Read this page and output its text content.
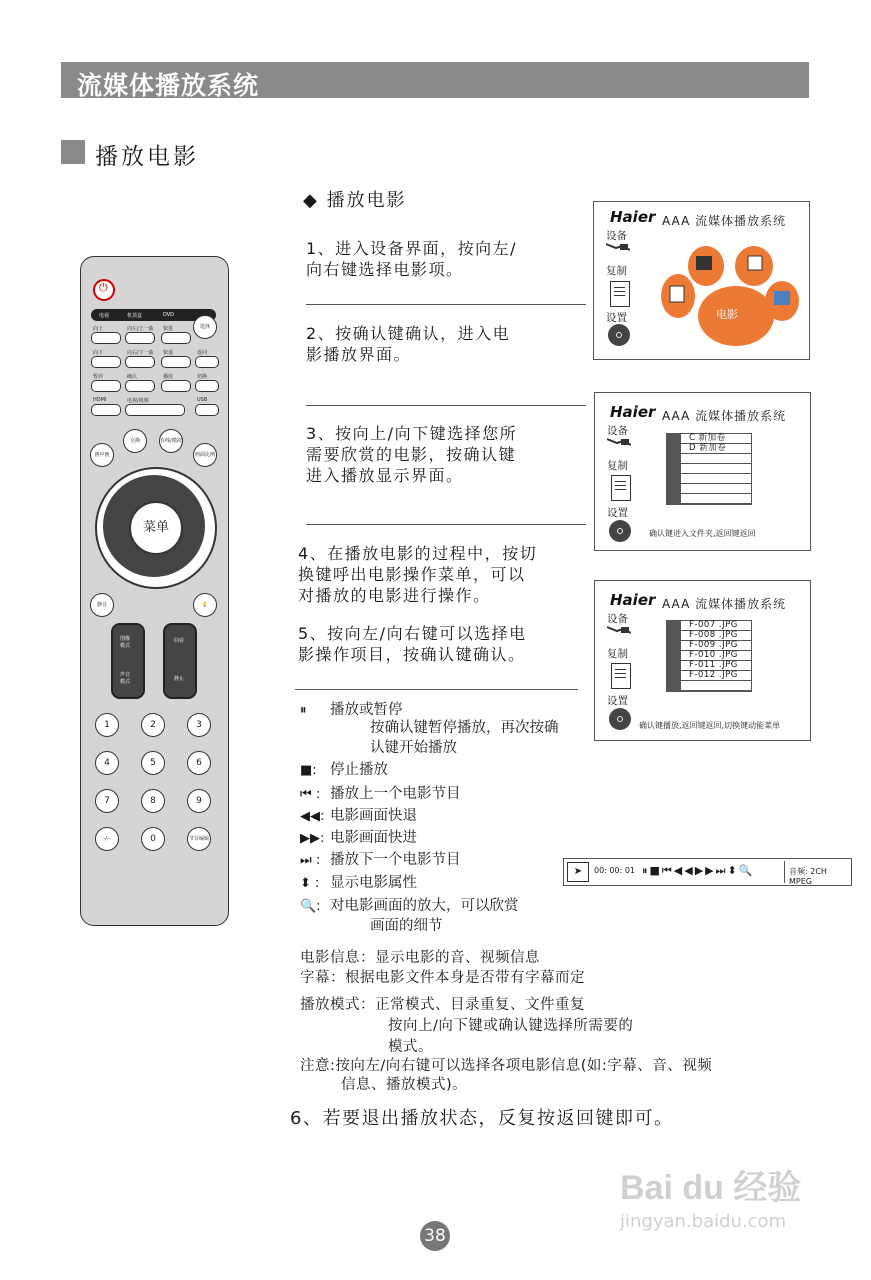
流媒体播放系统
播放电影
◆ 播放电影
1、进入设备界面，按向左/
向右键选择电影项。
2、按确认键确认，进入电
影播放界面。
3、按向上/向下键选择您所
需要欣赏的电影，按确认键
进入播放显示界面。
4、在播放电影的过程中，按切
换键呼出电影操作菜单，可以
对播放的电影进行操作。
5、按向左/向右键可以选择电
影操作项目，按确认键确认。
⏸ 播放或暂停
按确认键暂停播放，再次按确
认键开始播放
■: 停止播放
⏮ : 播放上一个电影节目
◀◀: 电影画面快退
▶▶: 电影画面快进
⏭ : 播放下一个电影节目
⬍ : 显示电影属性
🔍: 对电影画面的放大，可以欣赏
画面的细节
电影信息：显示电影的音、视频信息
字幕：根据电影文件本身是否带有字幕而定
播放模式：正常模式、目录重复、文件重复
按向上/向下键或确认键选择所需要的
模式。
注意:按向左/向右键可以选择各项电影信息(如:字幕、音、视频
信息、播放模式)。
6、若要退出播放状态，反复按返回键即可。
Haier AAA 流媒体播放系统
设备
复制
设置	电影
Haier AAA 流媒体播放系统
设备
复制
设置
C 新加卷
D 新加卷
确认键进入文件夹,返回键返回
Haier AAA 流媒体播放系统
设备
复制
设置
F-007 .JPG
F-008 .JPG
F-009 .JPG
F-010 .JPG
F-011 .JPG
F-012 .JPG
确认键播放,返回键返回,切换键动能菜单
➤	00: 00: 01 ⏸■⏮◀◀▶▶⏭⬍🔍	音频: 2CH MPEG
⏻
电视	机顶盒	DVD
选择
向上	向左/上一曲 快进
向下	向右/下一曲 快退	返回
暂停	确认	播放	切换
HDMI	电视/视频	USB
画中画
交换	有线/模拟
画面比例
菜单
静音	💡
图像
模式
声音
模式
回看
静止
1	2	3
4	5	6
7	8	9
-/--	0	节目编辑
38
Bai du 经验
jingyan.baidu.com
